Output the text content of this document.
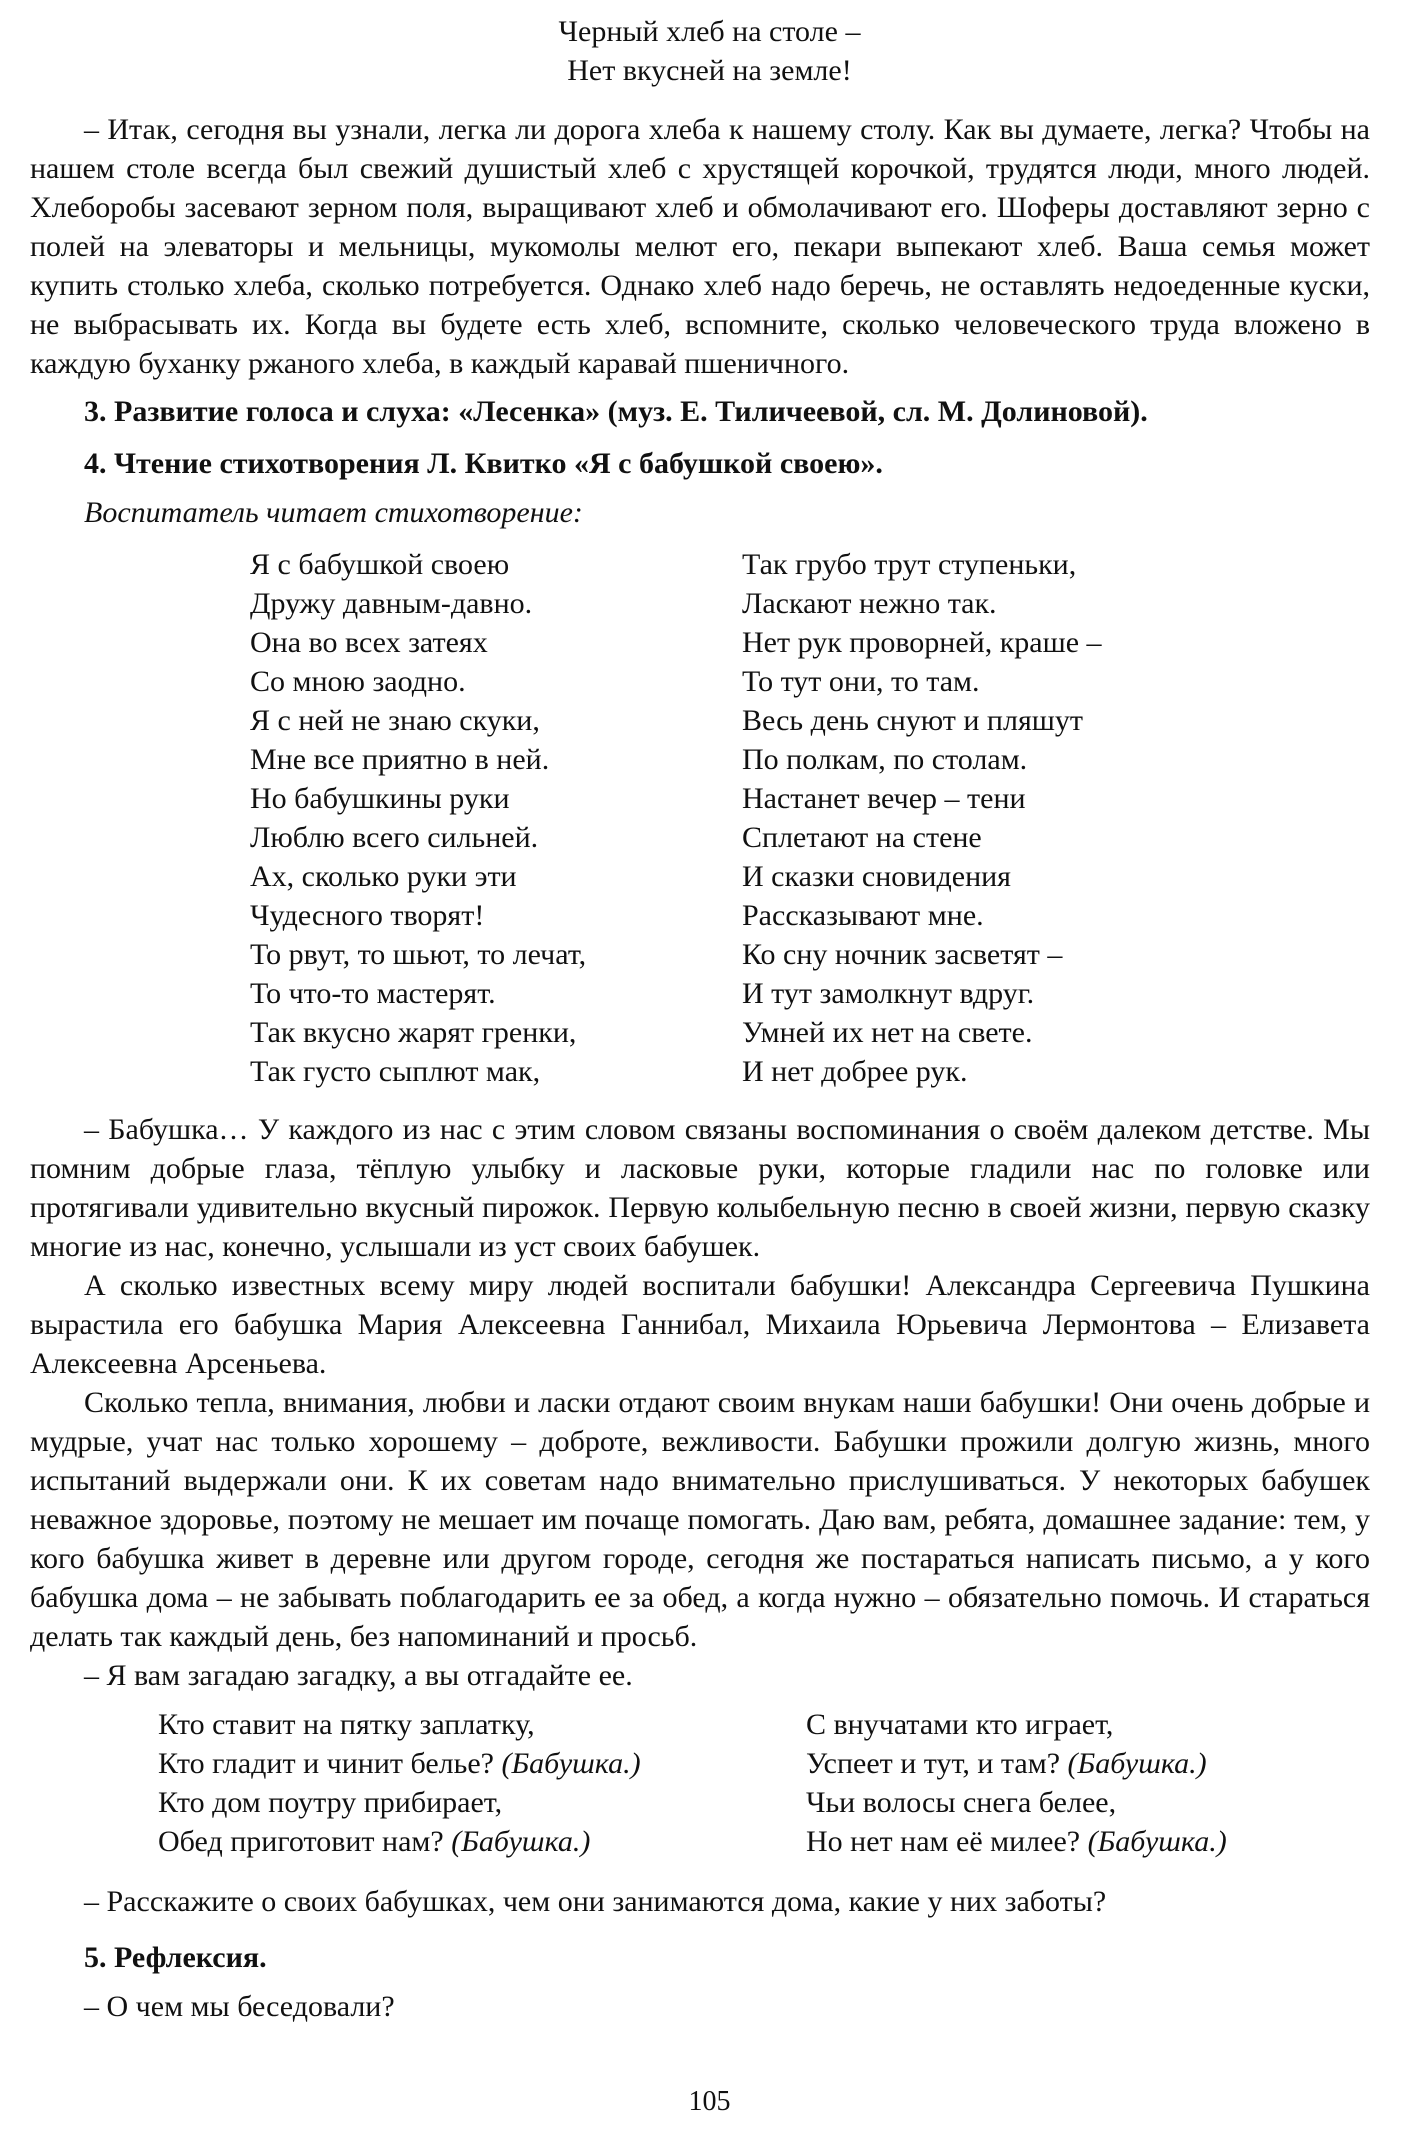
Черный хлеб на столе –
Нет вкусней на земле!

– Итак, сегодня вы узнали, легка ли дорога хлеба к нашему столу. Как вы думаете, легка? Чтобы на нашем столе всегда был свежий душистый хлеб с хрустящей корочкой, трудятся люди, много людей. Хлеборобы засевают зерном поля, выращивают хлеб и обмолачивают его. Шоферы доставляют зерно с полей на элеваторы и мельницы, мукомолы мелют его, пекари выпекают хлеб. Ваша семья может купить столько хлеба, сколько потребуется. Однако хлеб надо беречь, не оставлять недоеденные куски, не выбрасывать их. Когда вы будете есть хлеб, вспомните, сколько человеческого труда вложено в каждую буханку ржаного хлеба, в каждый каравай пшеничного.

3. Развитие голоса и слуха: «Лесенка» (муз. Е. Тиличеевой, сл. М. Долиновой).
4. Чтение стихотворения Л. Квитко «Я с бабушкой своею».
Воспитатель читает стихотворение:
Я с бабушкой своею
Дружу давным-давно.
Она во всех затеях
Со мною заодно.
Я с ней не знаю скуки,
Мне все приятно в ней.
Но бабушкины руки
Люблю всего сильней.
Ах, сколько руки эти
Чудесного творят!
То рвут, то шьют, то лечат,
То что-то мастерят.
Так вкусно жарят гренки,
Так густо сыплют мак,
Так грубо трут ступеньки,
Ласкают нежно так.
Нет рук проворней, краше –
То тут они, то там.
Весь день снуют и пляшут
По полкам, по столам.
Настанет вечер – тени
Сплетают на стене
И сказки сновидения
Рассказывают мне.
Ко сну ночник засветят –
И тут замолкнут вдруг.
Умней их нет на свете.
И нет добрее рук.

– Бабушка… У каждого из нас с этим словом связаны воспоминания о своём далеком детстве. Мы помним добрые глаза, тёплую улыбку и ласковые руки, которые гладили нас по головке или протягивали удивительно вкусный пирожок. Первую колыбельную песню в своей жизни, первую сказку многие из нас, конечно, услышали из уст своих бабушек.

А сколько известных всему миру людей воспитали бабушки! Александра Сергеевича Пушкина вырастила его бабушка Мария Алексеевна Ганнибал, Михаила Юрьевича Лермонтова – Елизавета Алексеевна Арсеньева.

Сколько тепла, внимания, любви и ласки отдают своим внукам наши бабушки! Они очень добрые и мудрые, учат нас только хорошему – доброте, вежливости. Бабушки прожили долгую жизнь, много испытаний выдержали они. К их советам надо внимательно прислушиваться. У некоторых бабушек неважное здоровье, поэтому не мешает им почаще помогать. Даю вам, ребята, домашнее задание: тем, у кого бабушка живет в деревне или другом городе, сегодня же постараться написать письмо, а у кого бабушка дома – не забывать поблагодарить ее за обед, а когда нужно – обязательно помочь. И стараться делать так каждый день, без напоминаний и просьб.

– Я вам загадаю загадку, а вы отгадайте ее.

Кто ставит на пятку заплатку,
Кто гладит и чинит белье? (Бабушка.)
Кто дом поутру прибирает,
Обед приготовит нам? (Бабушка.)
С внучатами кто играет,
Успеет и тут, и там? (Бабушка.)
Чьи волосы снега белее,
Но нет нам её милее? (Бабушка.)
– Расскажите о своих бабушках, чем они занимаются дома, какие у них заботы?
5. Рефлексия.
– О чем мы беседовали?
105
